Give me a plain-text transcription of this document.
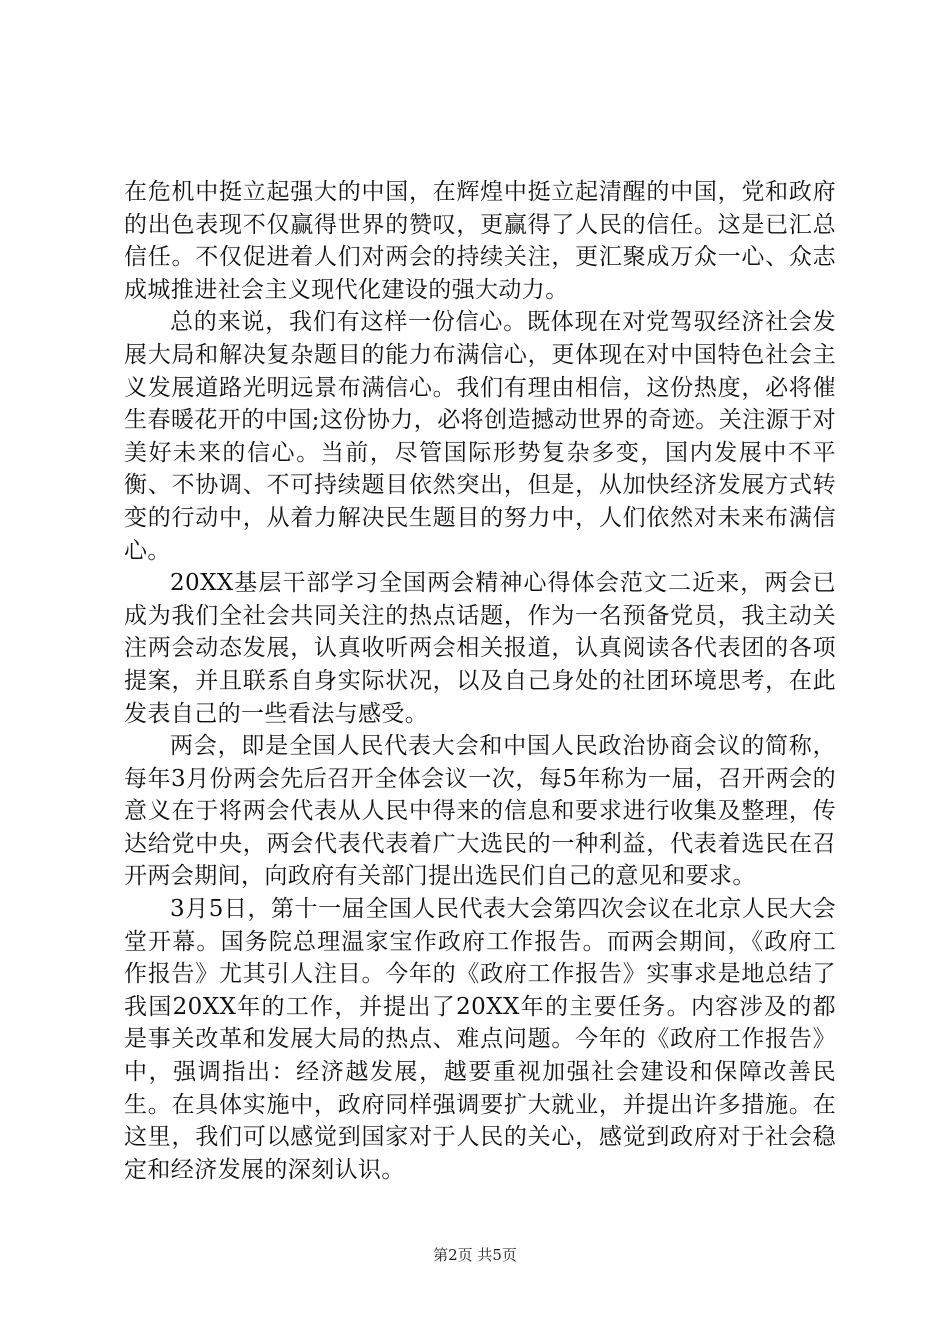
在危机中挺立起强大的中国，在辉煌中挺立起清醒的中国，党和政府的出色表现不仅赢得世界的赞叹，更赢得了人民的信任。这是已汇总信任。不仅促进着人们对两会的持续关注，更汇聚成万众一心、众志成城推进社会主义现代化建设的强大动力。

总的来说，我们有这样一份信心。既体现在对党驾驭经济社会发展大局和解决复杂题目的能力布满信心，更体现在对中国特色社会主义发展道路光明远景布满信心。我们有理由相信，这份热度，必将催生春暖花开的中国;这份协力，必将创造撼动世界的奇迹。关注源于对美好未来的信心。当前，尽管国际形势复杂多变，国内发展中不平衡、不协调、不可持续题目依然突出，但是，从加快经济发展方式转变的行动中，从着力解决民生题目的努力中，人们依然对未来布满信心。

20XX基层干部学习全国两会精神心得体会范文二近来，两会已成为我们全社会共同关注的热点话题，作为一名预备党员，我主动关注两会动态发展，认真收听两会相关报道，认真阅读各代表团的各项提案，并且联系自身实际状况，以及自己身处的社团环境思考，在此发表自己的一些看法与感受。

两会，即是全国人民代表大会和中国人民政治协商会议的简称，每年3月份两会先后召开全体会议一次，每5年称为一届，召开两会的意义在于将两会代表从人民中得来的信息和要求进行收集及整理，传达给党中央，两会代表代表着广大选民的一种利益，代表着选民在召开两会期间，向政府有关部门提出选民们自己的意见和要求。

3月5日，第十一届全国人民代表大会第四次会议在北京人民大会堂开幕。国务院总理温家宝作政府工作报告。而两会期间，《政府工作报告》尤其引人注目。今年的《政府工作报告》实事求是地总结了我国20XX年的工作，并提出了20XX年的主要任务。内容涉及的都是事关改革和发展大局的热点、难点问题。今年的《政府工作报告》中，强调指出：经济越发展，越要重视加强社会建设和保障改善民生。在具体实施中，政府同样强调要扩大就业，并提出许多措施。在这里，我们可以感觉到国家对于人民的关心，感觉到政府对于社会稳定和经济发展的深刻认识。

第2页 共5页
